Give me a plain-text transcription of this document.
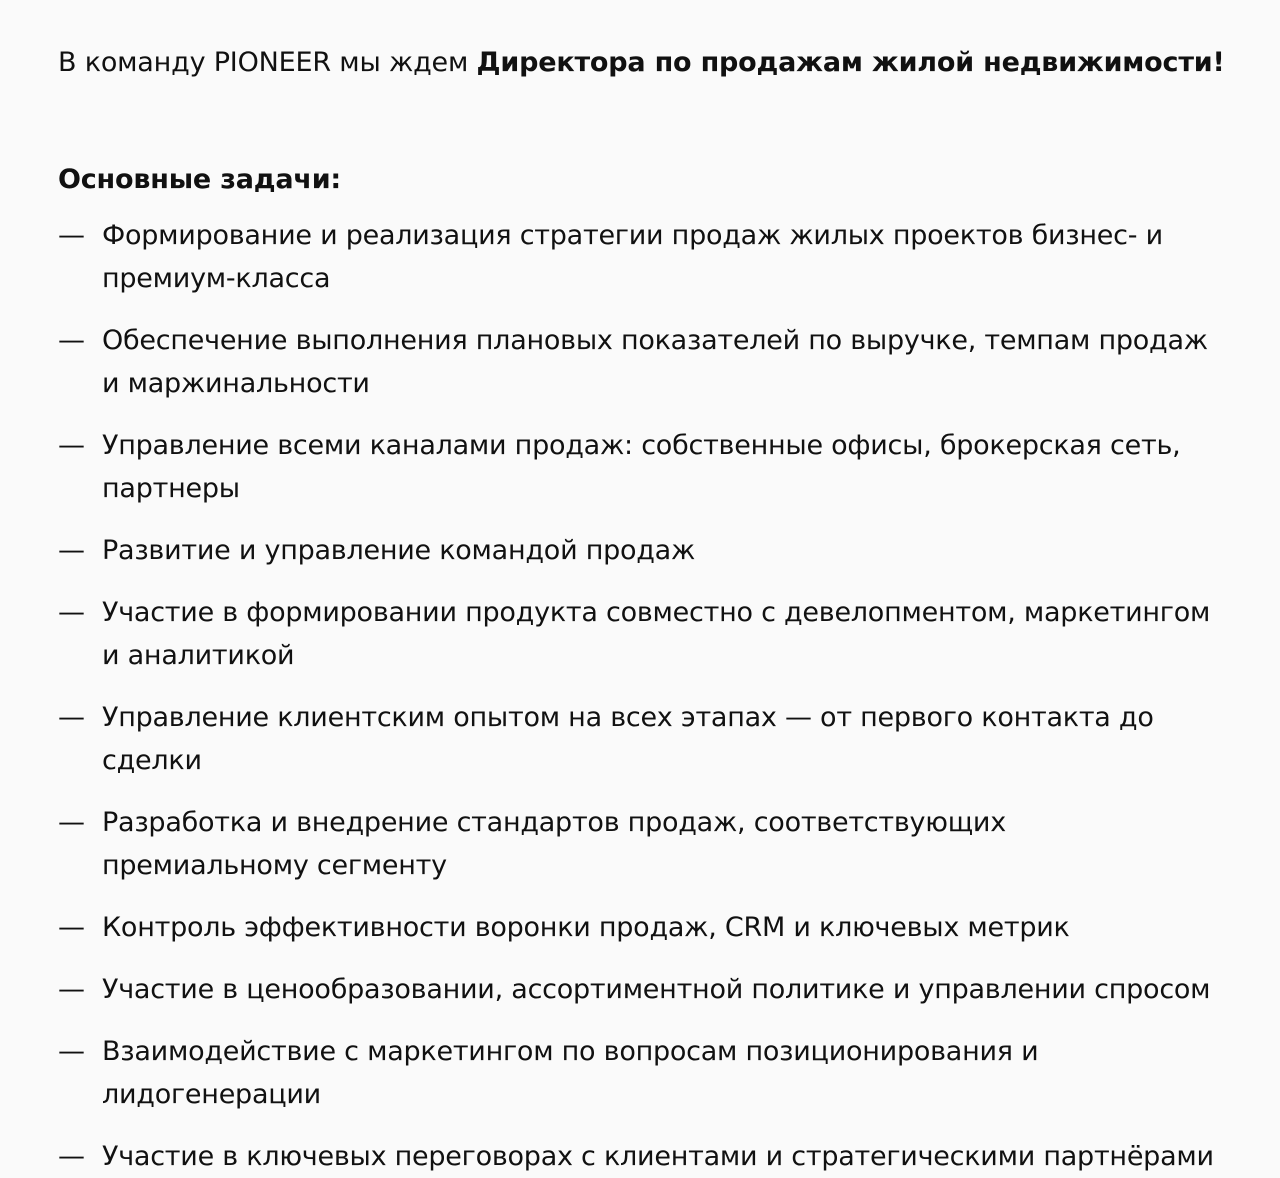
В команду PIONEER мы ждем Директора по продажам жилой недвижимости!

Основные задачи:
— Формирование и реализация стратегии продаж жилых проектов бизнес- и премиум-класса
— Обеспечение выполнения плановых показателей по выручке, темпам продаж и маржинальности
— Управление всеми каналами продаж: собственные офисы, брокерская сеть, партнеры
— Развитие и управление командой продаж
— Участие в формировании продукта совместно с девелопментом, маркетингом и аналитикой
— Управление клиентским опытом на всех этапах — от первого контакта до сделки
— Разработка и внедрение стандартов продаж, соответствующих премиальному сегменту
— Контроль эффективности воронки продаж, CRM и ключевых метрик
— Участие в ценообразовании, ассортиментной политике и управлении спросом
— Взаимодействие с маркетингом по вопросам позиционирования и лидогенерации
— Участие в ключевых переговорах с клиентами и стратегическими партнёрами
